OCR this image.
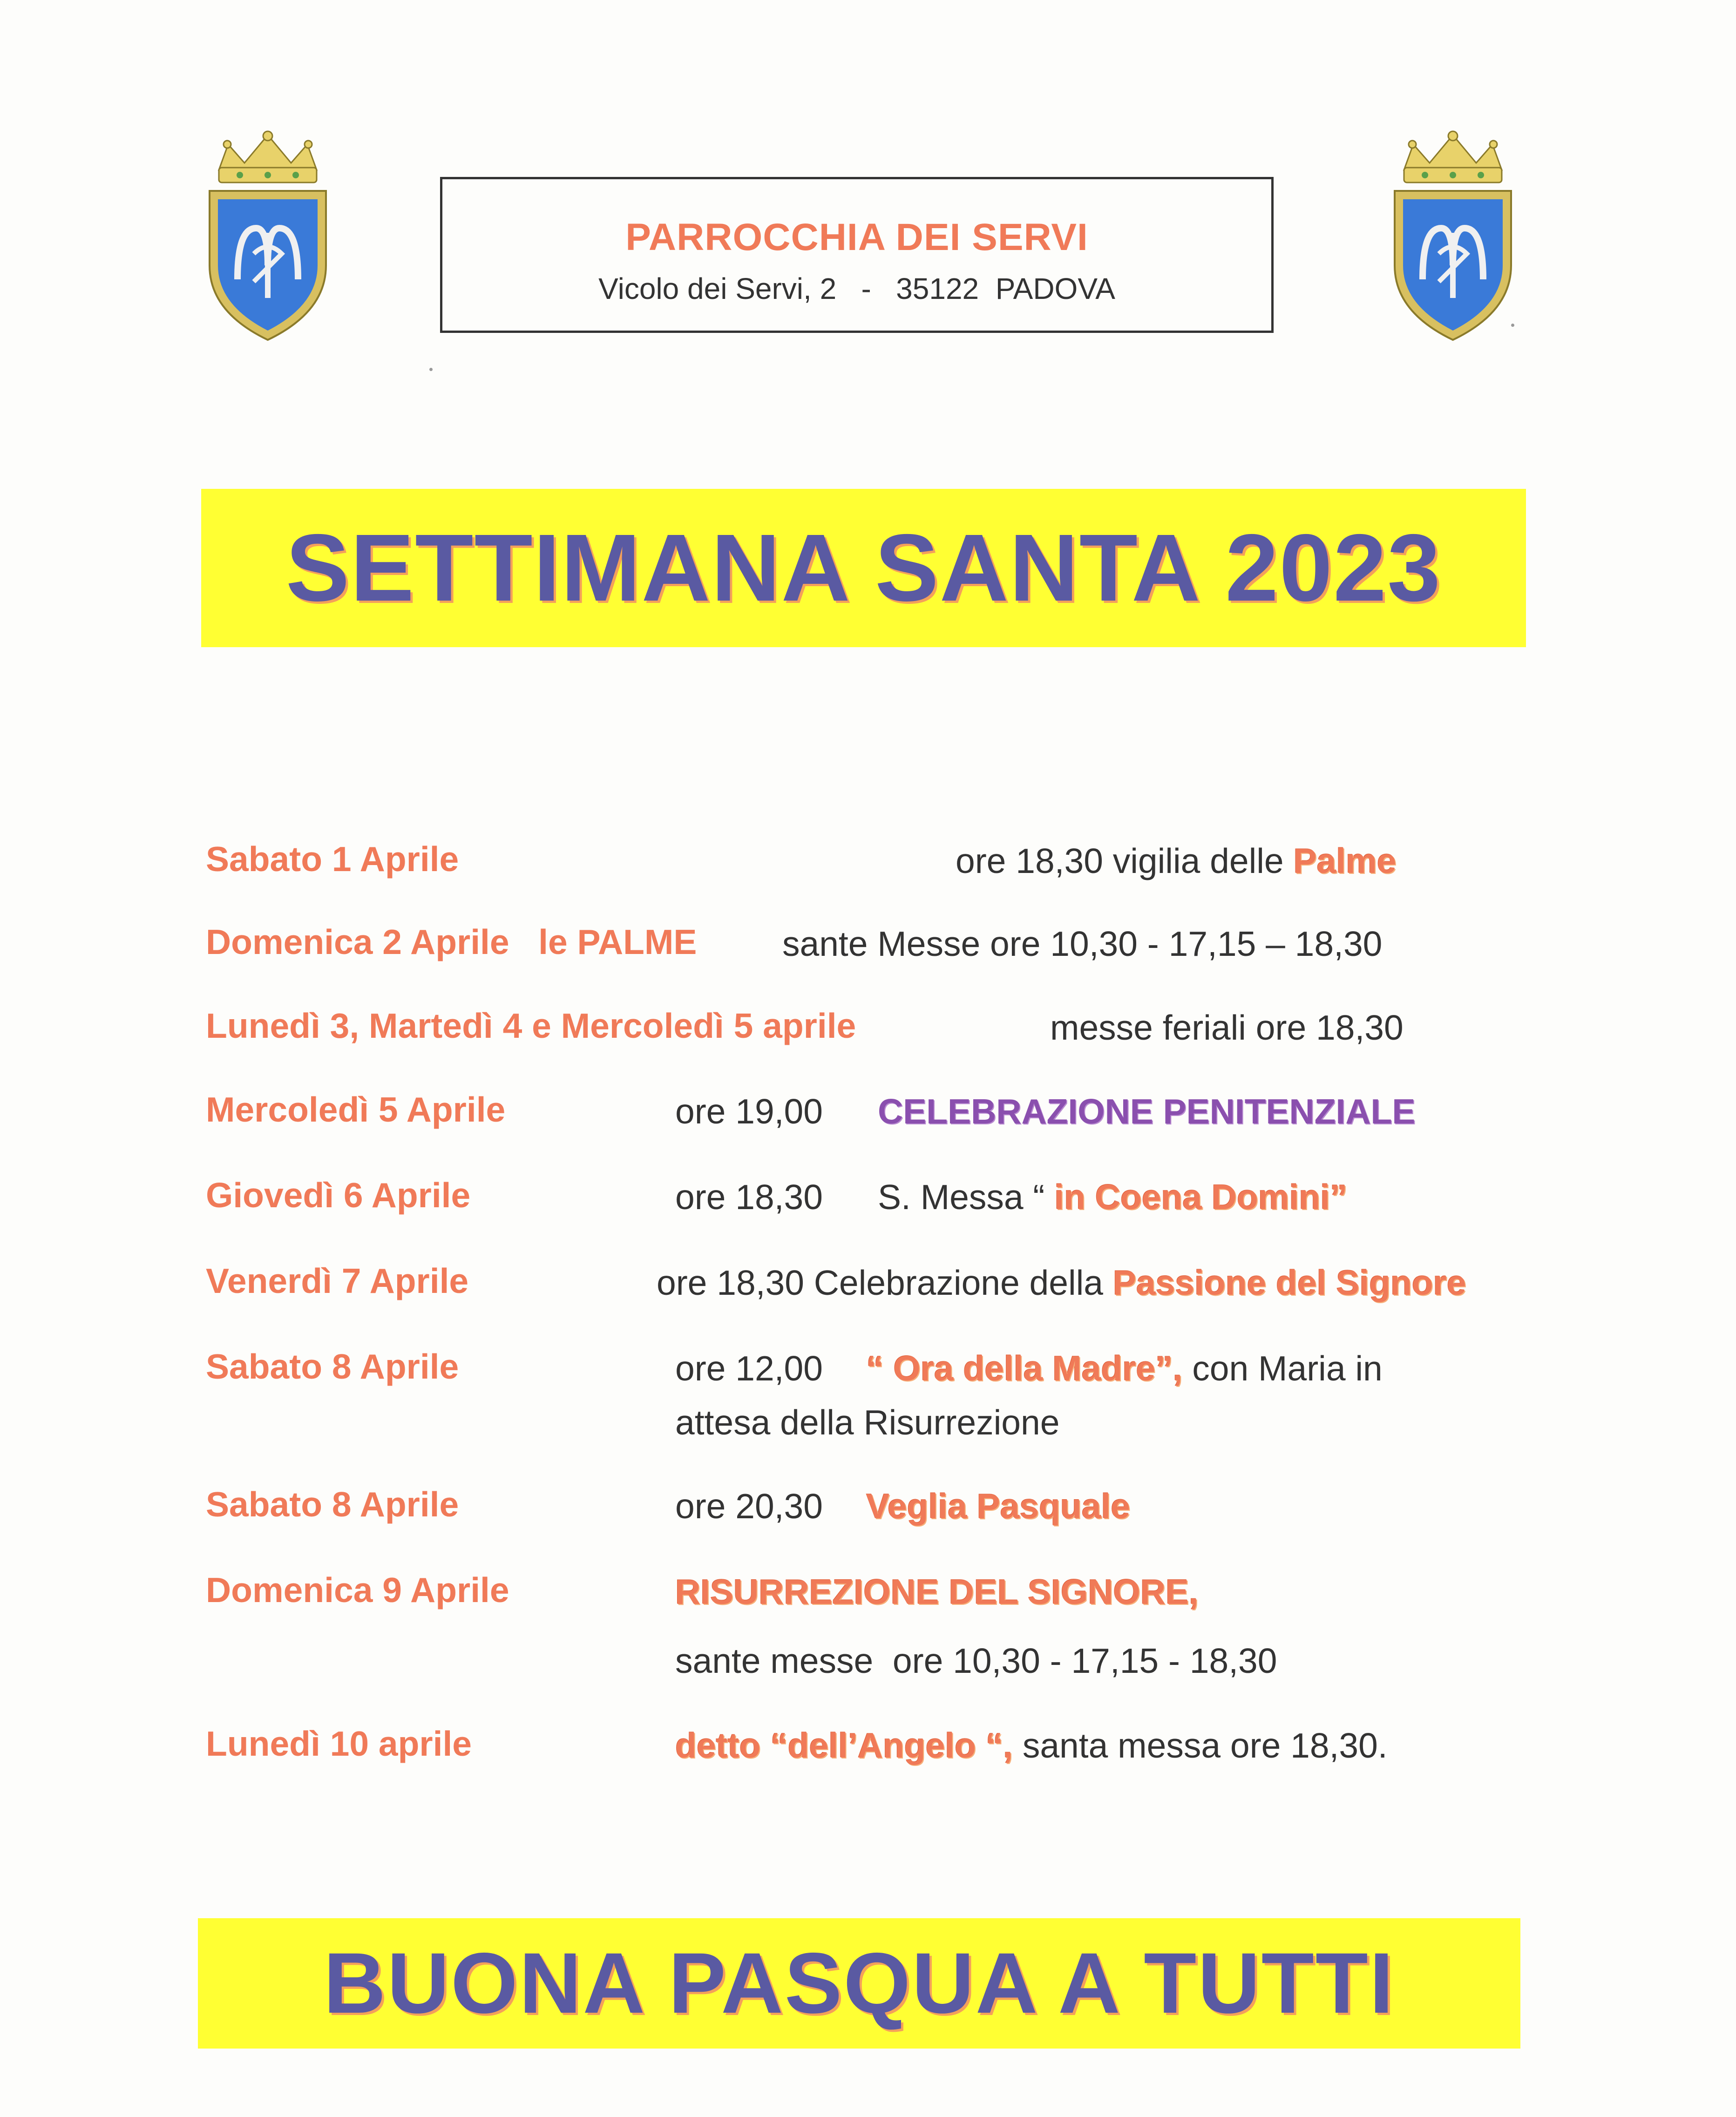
PARROCCHIA DEI SERVI
Vicolo dei Servi, 2   -   35122  PADOVA
SETTIMANA SANTA 2023
Sabato 1 Aprile	ore 18,30 vigilia delle Palme
Domenica 2 Aprile   le PALME sante Messe ore 10,30 - 17,15 – 18,30
Lunedì 3, Martedì 4 e Mercoledì 5 aprile	messe feriali ore 18,30
Mercoledì 5 Aprile	ore 19,00 CELEBRAZIONE PENITENZIALE
Giovedì 6 Aprile	ore 18,30 S. Messa “ in Coena Domini”
Venerdì 7 Aprile	ore 18,30 Celebrazione della Passione del Signore
Sabato 8 Aprile	ore 12,00 “ Ora della Madre”, con Maria in
attesa della Risurrezione
Sabato 8 Aprile	ore 20,30 Veglia Pasquale
Domenica 9 Aprile	RISURREZIONE DEL SIGNORE,
sante messe  ore 10,30 - 17,15 - 18,30
Lunedì 10 aprile	detto “dell’Angelo “, santa messa ore 18,30.
BUONA PASQUA A TUTTI
